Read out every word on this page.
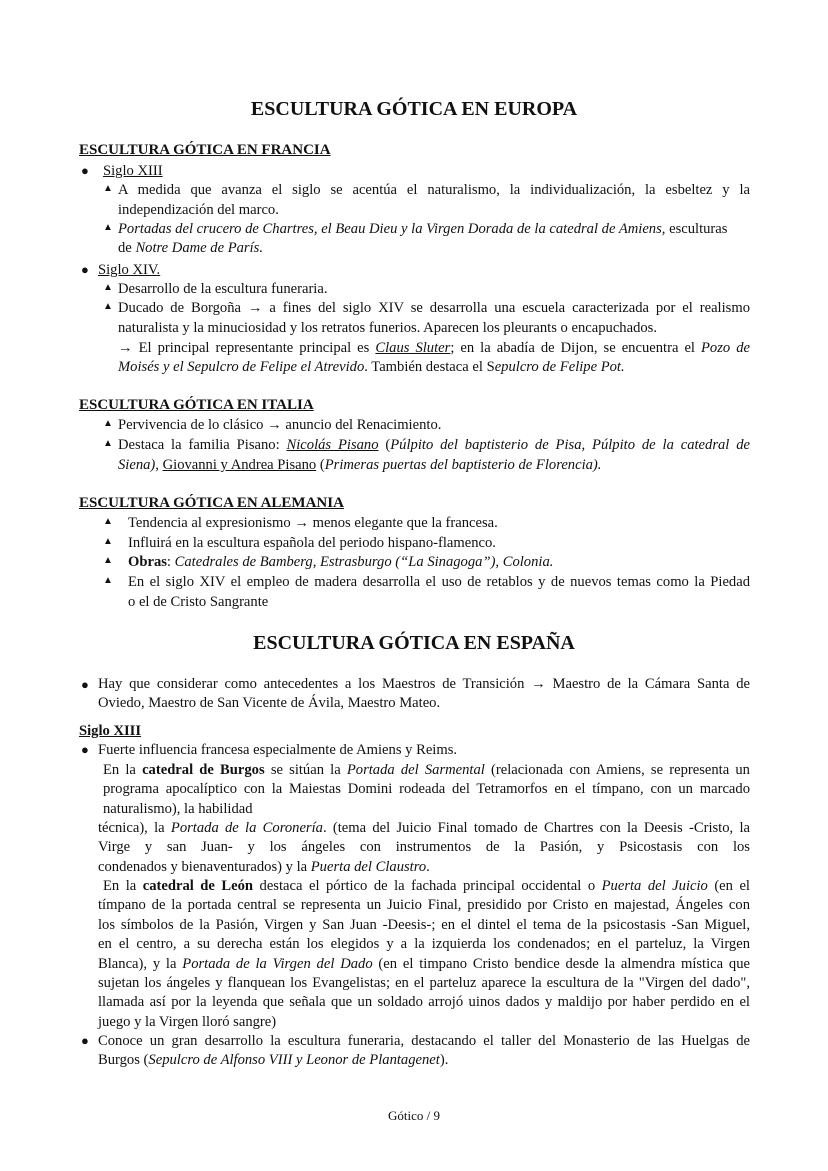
ESCULTURA GÓTICA EN EUROPA
ESCULTURA GÓTICA EN FRANCIA
● Siglo XIII

▲ A medida que avanza el siglo se acentúa el naturalismo, la individualización, la esbeltez y la

independización del marco.

▲ Portadas del crucero de Chartres, el Beau Dieu y la Virgen Dorada de la catedral de Amiens, esculturas

de Notre Dame de París.

● Siglo XIV.

▲ Desarrollo de la escultura funeraria.

▲ Ducado de Borgoña → a fines del siglo XIV se desarrolla una escuela caracterizada por el realismo

naturalista y la minuciosidad y los retratos funerios. Aparecen los pleurants o encapuchados.

→ El principal representante principal es Claus Sluter; en la abadía de Dijon, se encuentra el Pozo de

Moisés y el Sepulcro de Felipe el Atrevido. También destaca el Sepulcro de Felipe Pot.

ESCULTURA GÓTICA EN ITALIA
▲ Pervivencia de lo clásico → anuncio del Renacimiento.

▲ Destaca la familia Pisano: Nicolás Pisano (Púlpito del baptisterio de Pisa, Púlpito de la catedral de

Siena), Giovanni y Andrea Pisano (Primeras puertas del baptisterio de Florencia).

ESCULTURA GÓTICA EN ALEMANIA
▲ Tendencia al expresionismo → menos elegante que la francesa.

▲ Influirá en la escultura española del periodo hispano-flamenco.

▲ Obras: Catedrales de Bamberg, Estrasburgo (“La Sinagoga”), Colonia.

▲ En el siglo XIV el empleo de madera desarrolla el uso de retablos y de nuevos temas como la Piedad

o el de Cristo Sangrante

ESCULTURA GÓTICA EN ESPAÑA
● Hay que considerar como antecedentes a los Maestros de Transición → Maestro de la Cámara Santa de

Oviedo, Maestro de San Vicente de Ávila, Maestro Mateo.

Siglo XIII

● Fuerte influencia francesa especialmente de Amiens y Reims.

En la catedral de Burgos se sitúan la Portada del Sarmental (relacionada con Amiens, se representa un

programa apocalíptico con la Maiestas Domini rodeada del Tetramorfos en el tímpano, con un marcado

naturalismo), la habilidad

técnica), la Portada de la Coronería. (tema del Juicio Final tomado de Chartres con la Deesis -Cristo, la

Virge y san Juan- y los ángeles con instrumentos de la Pasión, y Psicostasis con los

condenados y bienaventurados) y la Puerta del Claustro.

En la catedral de León destaca el pórtico de la fachada principal occidental o Puerta del Juicio (en el

tímpano de la portada central se representa un Juicio Final, presidido por Cristo en majestad, Ángeles con

los símbolos de la Pasión, Virgen y San Juan -Deesis-; en el dintel el tema de la psicostasis -San Miguel,

en el centro, a su derecha están los elegidos y a la izquierda los condenados; en el parteluz, la Virgen

Blanca), y la Portada de la Virgen del Dado (en el timpano Cristo bendice desde la almendra mística que

sujetan los ángeles y flanquean los Evangelistas; en el parteluz aparece la escultura de la "Virgen del dado",

llamada así por la leyenda que señala que un soldado arrojó uinos dados y maldijo por haber perdido en el

juego y la Virgen lloró sangre)

● Conoce un gran desarrollo la escultura funeraria, destacando el taller del Monasterio de las Huelgas de

Burgos (Sepulcro de Alfonso VIII y Leonor de Plantagenet).

Gótico / 9
